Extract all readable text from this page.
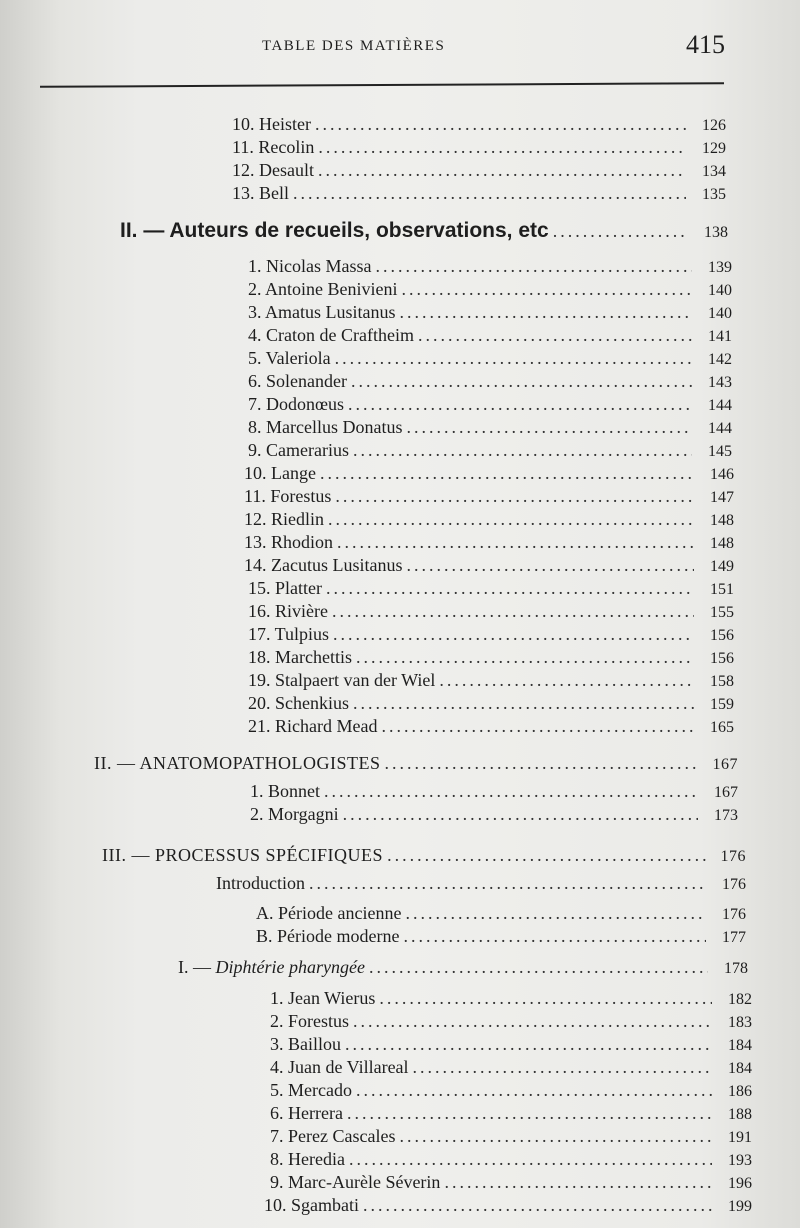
TABLE DES MATIÈRES	415
10. Heister .....	126
11. Recolin .....	129
12. Desault .....	134
13. Bell .....	135
II. — Auteurs de recueils, observations, etc .....	138
1. Nicolas Massa .....	139
2. Antoine Benivieni .....	140
3. Amatus Lusitanus .....	140
4. Craton de Craftheim .....	141
5. Valeriola .....	142
6. Solenander .....	143
7. Dodonœus .....	144
8. Marcellus Donatus .....	144
9. Camerarius .....	145
10. Lange .....	146
11. Forestus .....	147
12. Riedlin .....	148
13. Rhodion .....	148
14. Zacutus Lusitanus .....	149
15. Platter .....	151
16. Rivière .....	155
17. Tulpius .....	156
18. Marchettis .....	156
19. Stalpaert van der Wiel .....	158
20. Schenkius .....	159
21. Richard Mead .....	165
II. — ANATOMOPATHOLOGISTES .....	167
1. Bonnet .....	167
2. Morgagni .....	173
III. — PROCESSUS SPÉCIFIQUES .....	176
Introduction .....	176
A. Période ancienne .....	176
B. Période moderne .....	177
I. — Diphtérie pharyngée .....	178
1. Jean Wierus .....	182
2. Forestus .....	183
3. Baillou .....	184
4. Juan de Villareal .....	184
5. Mercado .....	186
6. Herrera .....	188
7. Perez Cascales .....	191
8. Heredia .....	193
9. Marc-Aurèle Séverin .....	196
10. Sgambati .....	199
